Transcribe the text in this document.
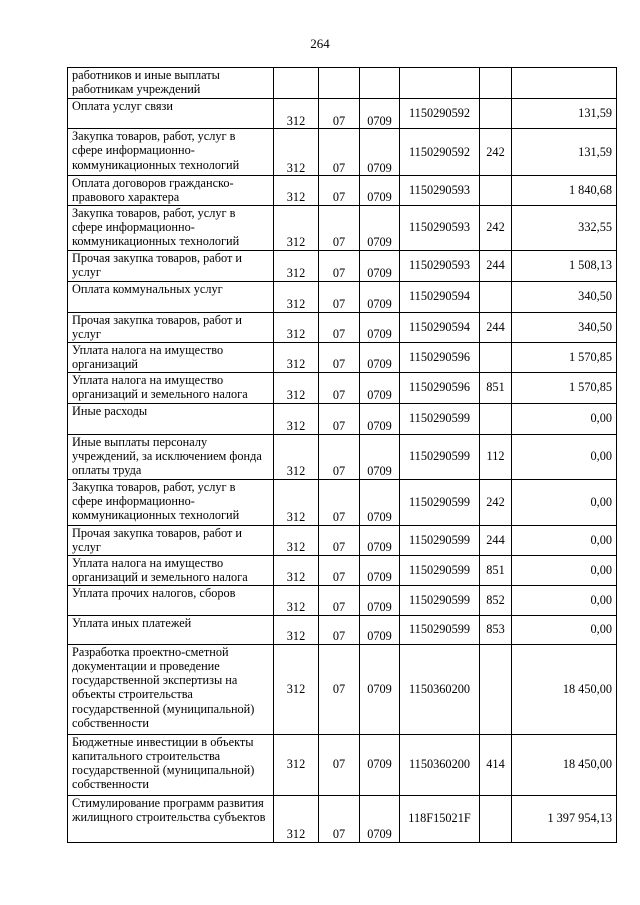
264
работников и иные выплаты работникам учреждений						
Оплата услуг связи	312	07	0709	1150290592		131,59
Закупка товаров, работ, услуг в сфере информационно-коммуникационных технологий	312	07	0709	1150290592	242	131,59
Оплата договоров гражданско-правового характера	312	07	0709	1150290593		1 840,68
Закупка товаров, работ, услуг в сфере информационно-коммуникационных технологий	312	07	0709	1150290593	242	332,55
Прочая закупка товаров, работ и услуг	312	07	0709	1150290593	244	1 508,13
Оплата коммунальных услуг	312	07	0709	1150290594		340,50
Прочая закупка товаров, работ и услуг	312	07	0709	1150290594	244	340,50
Уплата налога на имущество организаций	312	07	0709	1150290596		1 570,85
Уплата налога на имущество организаций и земельного налога	312	07	0709	1150290596	851	1 570,85
Иные расходы	312	07	0709	1150290599		0,00
Иные выплаты персоналу учреждений, за исключением фонда оплаты труда	312	07	0709	1150290599	112	0,00
Закупка товаров, работ, услуг в сфере информационно-коммуникационных технологий	312	07	0709	1150290599	242	0,00
Прочая закупка товаров, работ и услуг	312	07	0709	1150290599	244	0,00
Уплата налога на имущество организаций и земельного налога	312	07	0709	1150290599	851	0,00
Уплата прочих налогов, сборов	312	07	0709	1150290599	852	0,00
Уплата иных платежей	312	07	0709	1150290599	853	0,00
Разработка проектно-сметной документации и проведение государственной экспертизы на объекты строительства государственной (муниципальной) собственности	312	07	0709	1150360200		18 450,00
Бюджетные инвестиции в объекты капитального строительства государственной (муниципальной) собственности	312	07	0709	1150360200	414	18 450,00
Стимулирование программ развития жилищного строительства субъектов	312	07	0709	118F15021F		1 397 954,13
